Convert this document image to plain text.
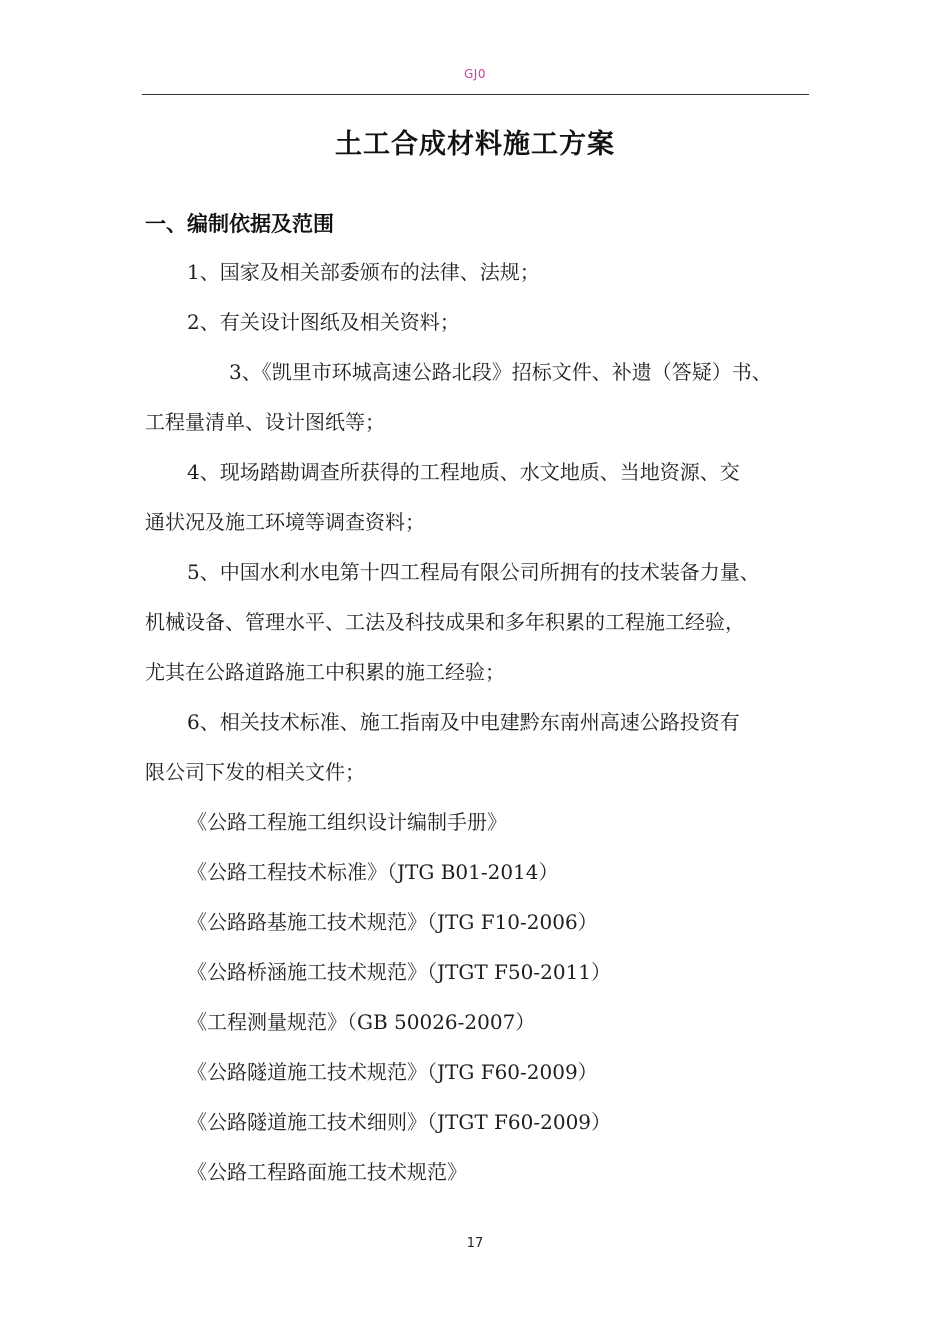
GJ0
土工合成材料施工方案
一、编制依据及范围
1、国家及相关部委颁布的法律、法规；
2、有关设计图纸及相关资料；
3、《凯里市环城高速公路北段》招标文件、补遗（答疑）书、
工程量清单、设计图纸等；
4、现场踏勘调查所获得的工程地质、水文地质、当地资源、交
通状况及施工环境等调查资料；
5、中国水利水电第十四工程局有限公司所拥有的技术装备力量、
机械设备、管理水平、工法及科技成果和多年积累的工程施工经验，
尤其在公路道路施工中积累的施工经验；
6、相关技术标准、施工指南及中电建黔东南州高速公路投资有
限公司下发的相关文件；
《公路工程施工组织设计编制手册》
《公路工程技术标准》（JTG B01-2014）
《公路路基施工技术规范》（JTG F10-2006）
《公路桥涵施工技术规范》（JTGT F50-2011）
《工程测量规范》（GB 50026-2007）
《公路隧道施工技术规范》（JTG F60-2009）
《公路隧道施工技术细则》（JTGT F60-2009）
《公路工程路面施工技术规范》
17
